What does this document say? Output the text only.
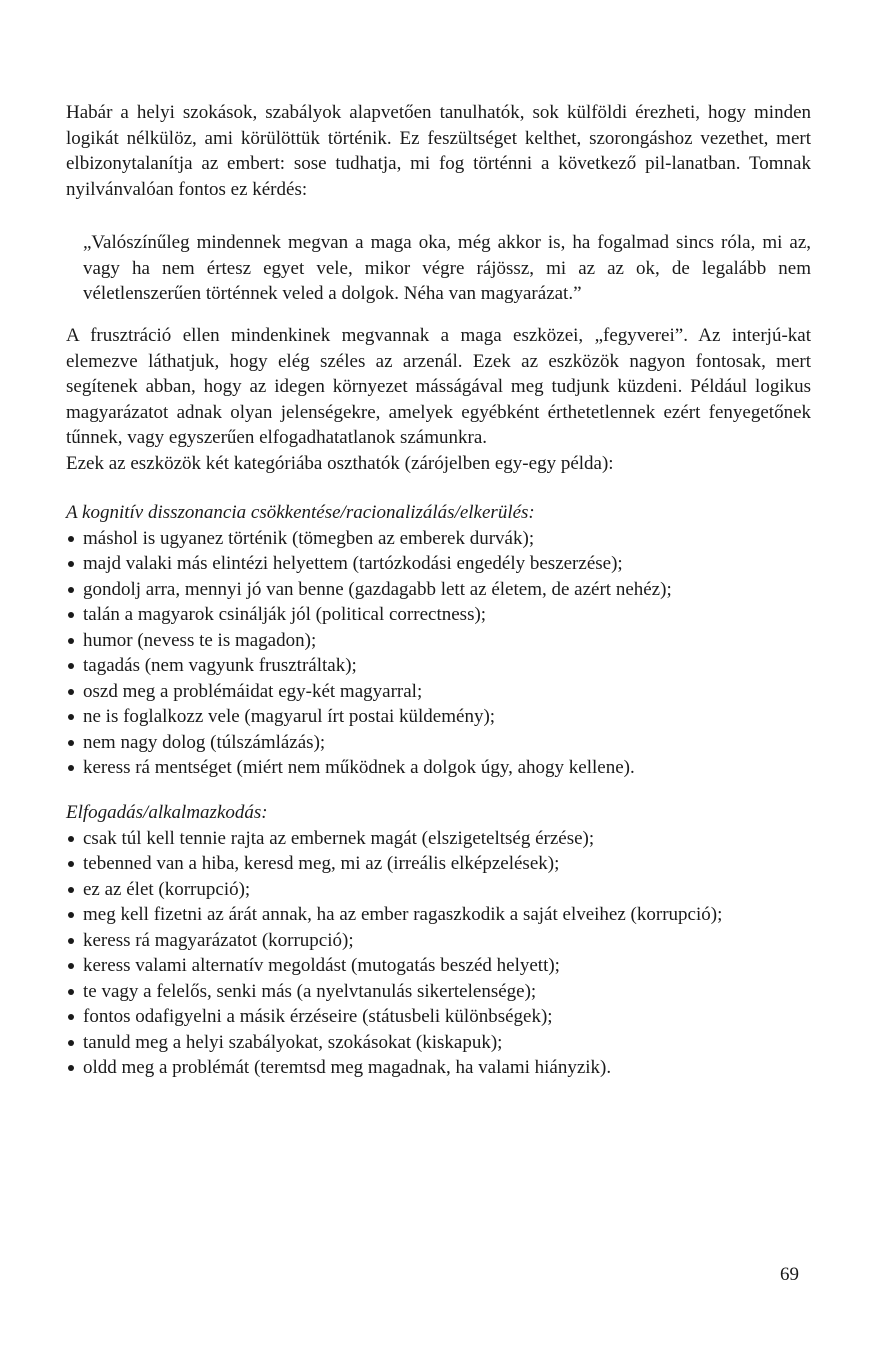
Habár a helyi szokások, szabályok alapvetően tanulhatók, sok külföldi érezheti, hogy minden logikát nélkülöz, ami körülöttük történik. Ez feszültséget kelthet, szorongáshoz vezethet, mert elbizonytalanítja az embert: sose tudhatja, mi fog történni a következő pil-lanatban. Tomnak nyilvánvalóan fontos ez kérdés:

„Valószínűleg mindennek megvan a maga oka, még akkor is, ha fogalmad sincs róla, mi az, vagy ha nem értesz egyet vele, mikor végre rájössz, mi az az ok, de legalább nem véletlenszerűen történnek veled a dolgok. Néha van magyarázat.”

A frusztráció ellen mindenkinek megvannak a maga eszközei, „fegyverei”. Az interjú-kat elemezve láthatjuk, hogy elég széles az arzenál. Ezek az eszközök nagyon fontosak, mert segítenek abban, hogy az idegen környezet másságával meg tudjunk küzdeni. Például logikus magyarázatot adnak olyan jelenségekre, amelyek egyébként érthetetlennek ezért fenyegetőnek tűnnek, vagy egyszerűen elfogadhatatlanok számunkra.

Ezek az eszközök két kategóriába oszthatók (zárójelben egy-egy példa):

A kognitív disszonancia csökkentése/racionalizálás/elkerülés:

máshol is ugyanez történik (tömegben az emberek durvák);
majd valaki más elintézi helyettem (tartózkodási engedély beszerzése);
gondolj arra, mennyi jó van benne (gazdagabb lett az életem, de azért nehéz);
talán a magyarok csinálják jól (political correctness);
humor (nevess te is magadon);
tagadás (nem vagyunk frusztráltak);
oszd meg a problémáidat egy-két magyarral;
ne is foglalkozz vele (magyarul írt postai küldemény);
nem nagy dolog (túlszámlázás);
keress rá mentséget (miért nem működnek a dolgok úgy, ahogy kellene).

Elfogadás/alkalmazkodás:

csak túl kell tennie rajta az embernek magát (elszigeteltség érzése);
tebenned van a hiba, keresd meg, mi az (irreális elképzelések);
ez az élet (korrupció);
meg kell fizetni az árát annak, ha az ember ragaszkodik a saját elveihez (korrupció);
keress rá magyarázatot (korrupció);
keress valami alternatív megoldást (mutogatás beszéd helyett);
te vagy a felelős, senki más (a nyelvtanulás sikertelensége);
fontos odafigyelni a másik érzéseire (státusbeli különbségek);
tanuld meg a helyi szabályokat, szokásokat (kiskapuk);
oldd meg a problémát (teremtsd meg magadnak, ha valami hiányzik).
69
